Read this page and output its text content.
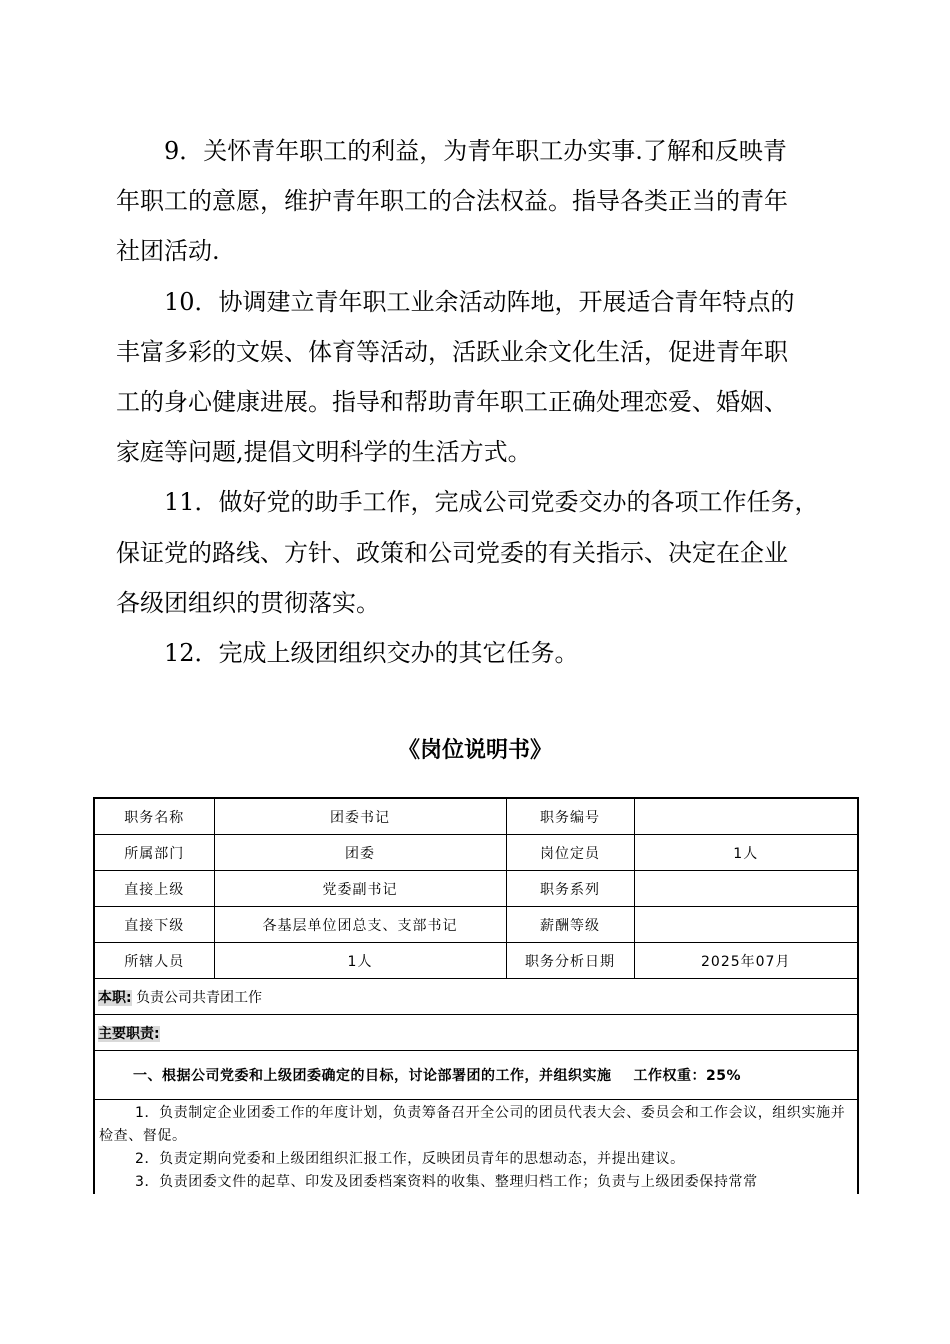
9．关怀青年职工的利益，为青年职工办实事.了解和反映青
年职工的意愿，维护青年职工的合法权益。指导各类正当的青年
社团活动.
10．协调建立青年职工业余活动阵地，开展适合青年特点的
丰富多彩的文娱、体育等活动，活跃业余文化生活，促进青年职
工的身心健康进展。指导和帮助青年职工正确处理恋爱、婚姻、
家庭等问题,提倡文明科学的生活方式。
11．做好党的助手工作，完成公司党委交办的各项工作任务，
保证党的路线、方针、政策和公司党委的有关指示、决定在企业
各级团组织的贯彻落实。
12．完成上级团组织交办的其它任务。
《岗位说明书》
职务名称	团委书记	职务编号	
所属部门	团委	岗位定员	1人
直接上级	党委副书记	职务系列	
直接下级	各基层单位团总支、支部书记	薪酬等级	
所辖人员	1人	职务分析日期	2025年07月
本职: 负责公司共青团工作			
主要职责:			
一、根据公司党委和上级团委确定的目标，讨论部署团的工作，并组织实施 工作权重：25%			

1．负责制定企业团委工作的年度计划，负责筹备召开全公司的团员代表大会、委员会和工作会议，组织实施并检查、督促。

2．负责定期向党委和上级团组织汇报工作，反映团员青年的思想动态，并提出建议。

3．负责团委文件的起草、印发及团委档案资料的收集、整理归档工作；负责与上级团委保持常常			
